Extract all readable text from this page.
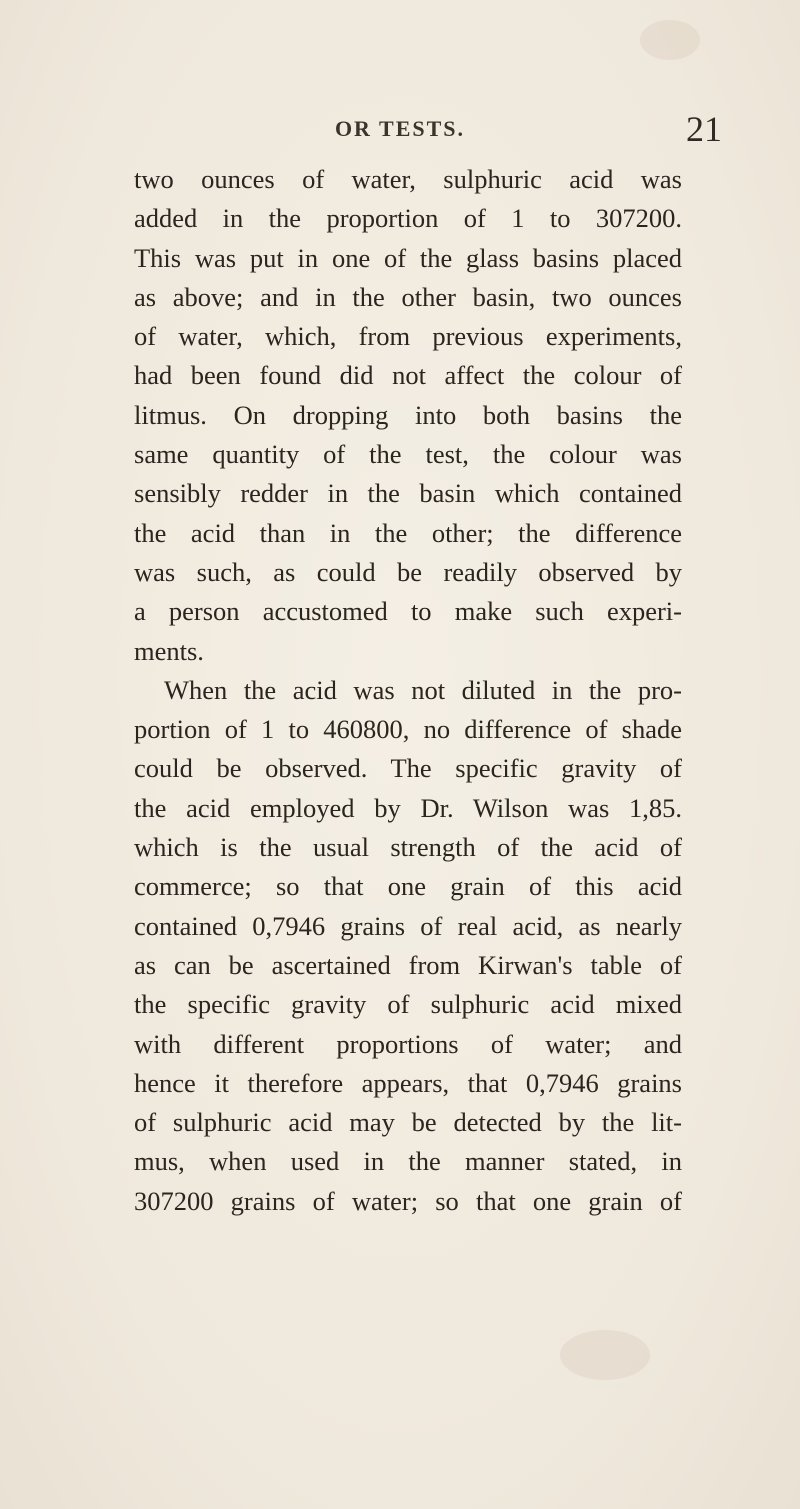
OR TESTS.	21
two ounces of water, sulphuric acid was
added in the proportion of 1 to 307200.
This was put in one of the glass basins placed
as above; and in the other basin, two ounces
of water, which, from previous experiments,
had been found did not affect the colour of
litmus. On dropping into both basins the
same quantity of the test, the colour was
sensibly redder in the basin which contained
the acid than in the other; the difference
was such, as could be readily observed by
a person accustomed to make such experi-
ments.
When the acid was not diluted in the pro-
portion of 1 to 460800, no difference of shade
could be observed. The specific gravity of
the acid employed by Dr. Wilson was 1,85.
which is the usual strength of the acid of
commerce; so that one grain of this acid
contained 0,7946 grains of real acid, as nearly
as can be ascertained from Kirwan's table of
the specific gravity of sulphuric acid mixed
with different proportions of water; and
hence it therefore appears, that 0,7946 grains
of sulphuric acid may be detected by the lit-
mus, when used in the manner stated, in
307200 grains of water; so that one grain of
